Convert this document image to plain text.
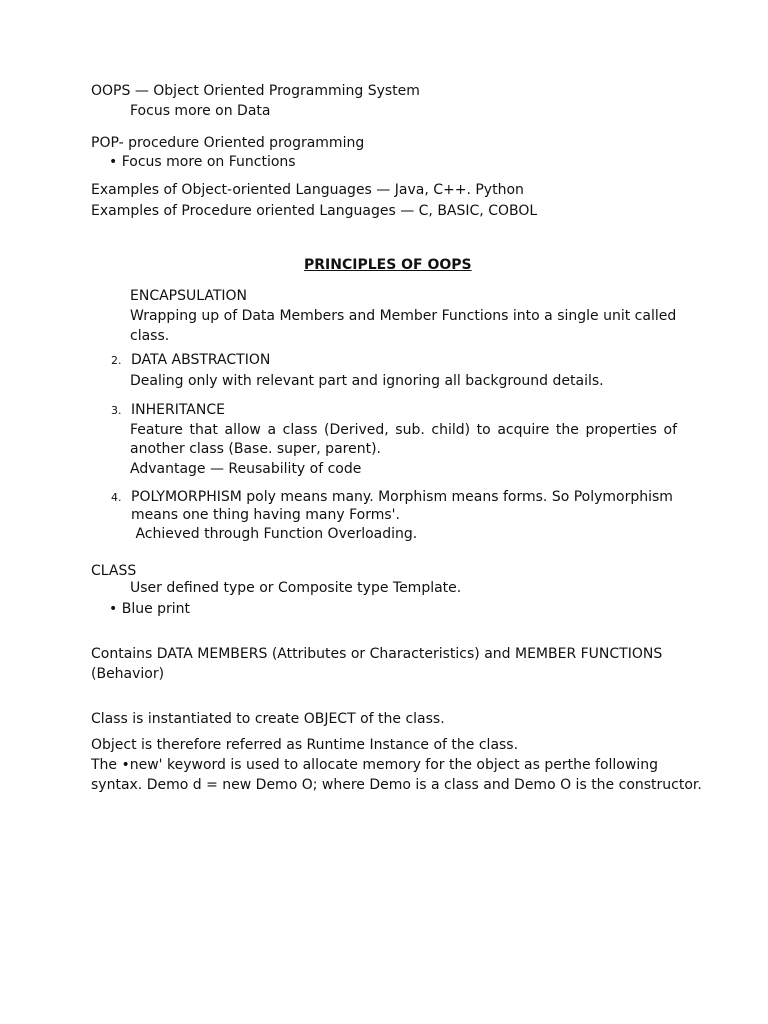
OOPS — Object Oriented Programming System
Focus more on Data
POP- procedure Oriented programming
• Focus more on Functions
Examples of Object-oriented Languages — Java, C++. Python
Examples of Procedure oriented Languages — C, BASIC, COBOL
PRINCIPLES OF OOPS
ENCAPSULATION
Wrapping up of Data Members and Member Functions into a single unit called
class.
2. DATA ABSTRACTION
Dealing only with relevant part and ignoring all background details.
3. INHERITANCE
Feature that allow a class (Derived, sub. child) to acquire the properties of
another class (Base. super, parent).
Advantage — Reusability of code
4. POLYMORPHISM poly means many. Morphism means forms. So Polymorphism
means one thing having many Forms'.
Achieved through Function Overloading.
CLASS
User defined type or Composite type Template.
• Blue print
Contains DATA MEMBERS (Attributes or Characteristics) and MEMBER FUNCTIONS
(Behavior)
Class is instantiated to create OBJECT of the class.
Object is therefore referred as Runtime Instance of the class.
The •new' keyword is used to allocate memory for the object as perthe following
syntax. Demo d = new Demo O; where Demo is a class and Demo O is the constructor.
